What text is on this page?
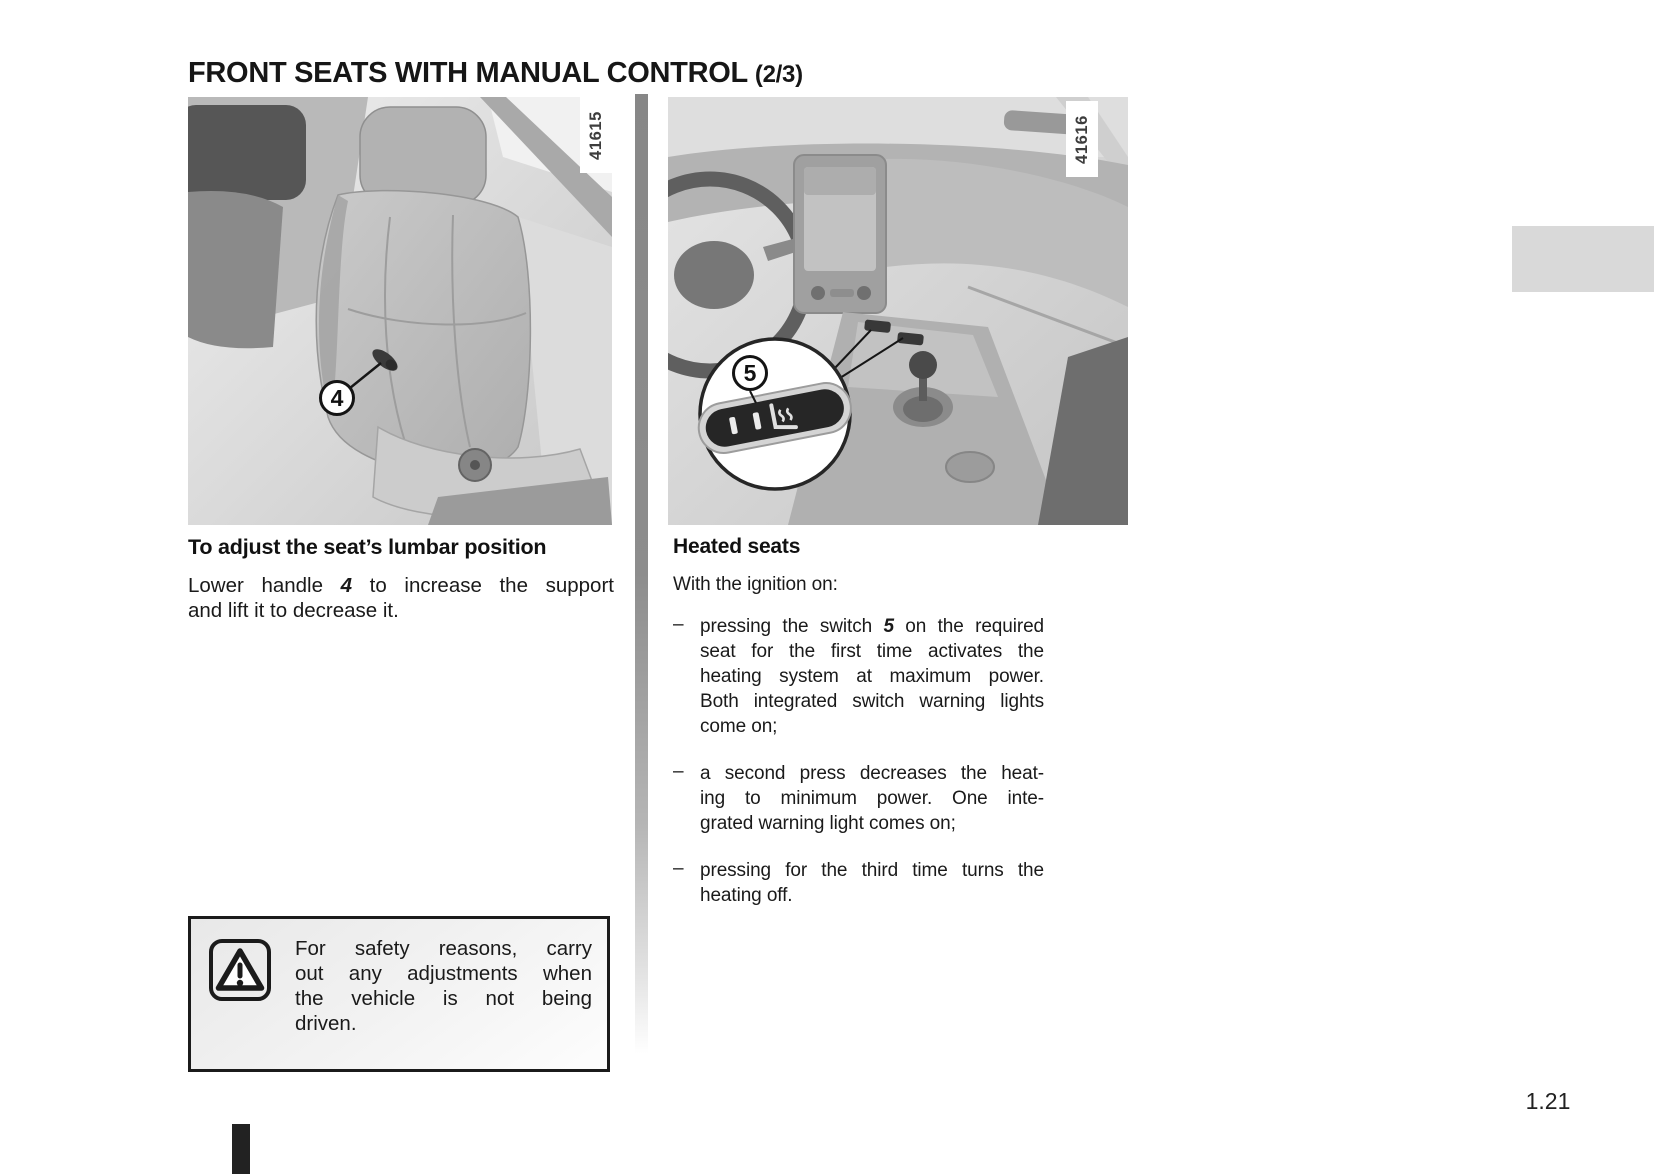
FRONT SEATS WITH MANUAL CONTROL (2/3)
41615
4
41616
5
To adjust the seat’s lumbar position
Lower handle 4 to increase the support
and lift it to decrease it.
Heated seats
With the ignition on:
– pressing the switch 5 on the required
seat for the first time activates the
heating system at maximum power.
Both integrated switch warning lights
come on;
– a second press decreases the heat-
ing to minimum power. One inte-
grated warning light comes on;
– pressing for the third time turns the
heating off.
For safety reasons, carry
out any adjustments when
the vehicle is not being
driven.
1.21
